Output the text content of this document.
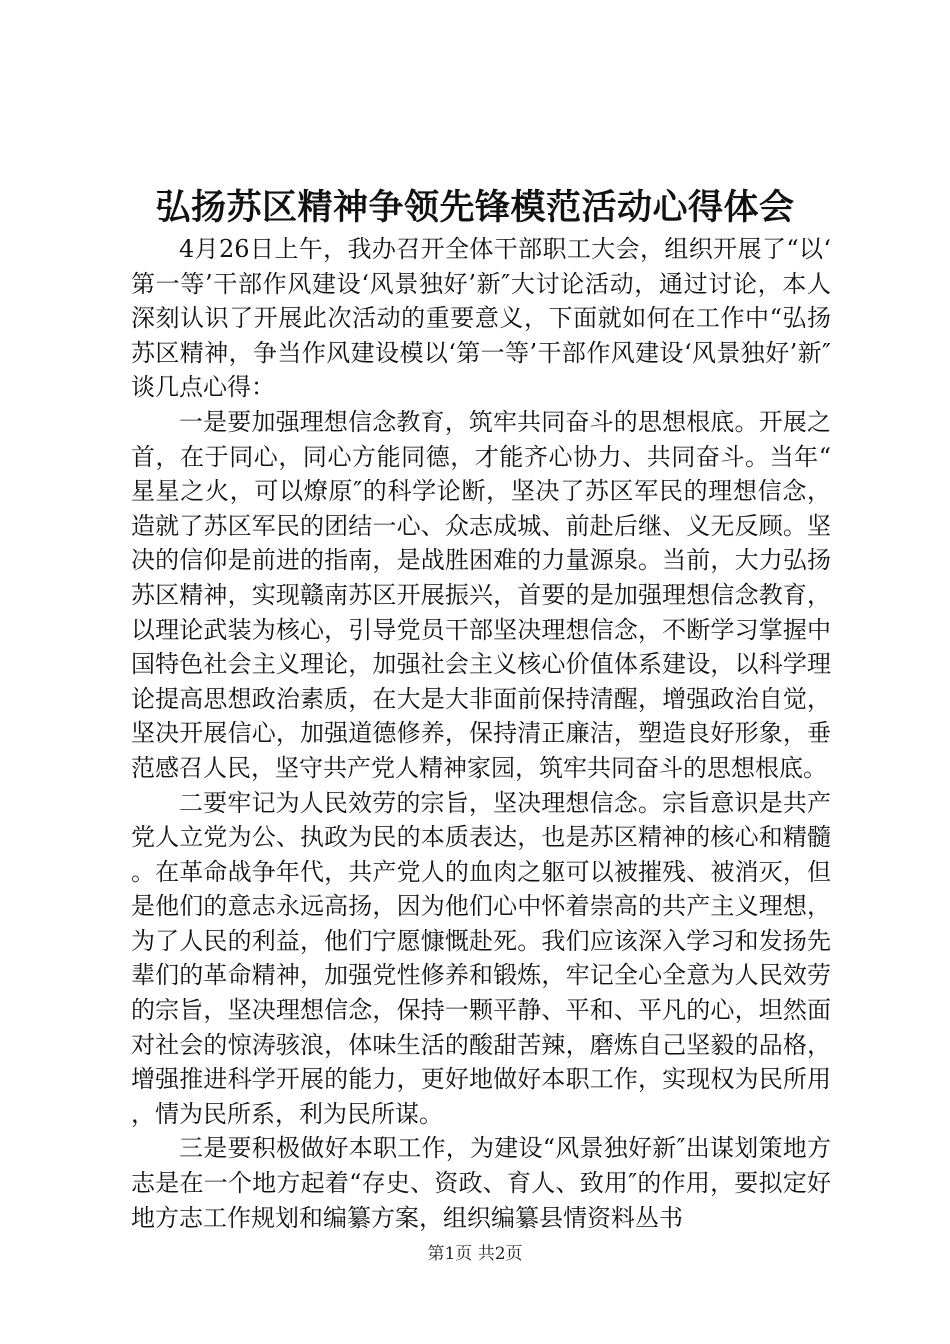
弘扬苏区精神争领先锋模范活动心得体会

4月26日上午，我办召开全体干部职工大会，组织开展了“以‘第一等’干部作风建设‘风景独好’新″大讨论活动，通过讨论，本人深刻认识了开展此次活动的重要意义，下面就如何在工作中“弘扬苏区精神，争当作风建设模以‘第一等’干部作风建设‘风景独好’新″谈几点心得：

一是要加强理想信念教育，筑牢共同奋斗的思想根底。开展之首，在于同心，同心方能同德，才能齐心协力、共同奋斗。当年“星星之火，可以燎原″的科学论断，坚决了苏区军民的理想信念，造就了苏区军民的团结一心、众志成城、前赴后继、义无反顾。坚决的信仰是前进的指南，是战胜困难的力量源泉。当前，大力弘扬苏区精神，实现赣南苏区开展振兴，首要的是加强理想信念教育，以理论武装为核心，引导党员干部坚决理想信念，不断学习掌握中国特色社会主义理论，加强社会主义核心价值体系建设，以科学理论提高思想政治素质，在大是大非面前保持清醒，增强政治自觉，坚决开展信心，加强道德修养，保持清正廉洁，塑造良好形象，垂范感召人民，坚守共产党人精神家园，筑牢共同奋斗的思想根底。

二要牢记为人民效劳的宗旨，坚决理想信念。宗旨意识是共产党人立党为公、执政为民的本质表达，也是苏区精神的核心和精髓。在革命战争年代，共产党人的血肉之躯可以被摧残、被消灭，但是他们的意志永远高扬，因为他们心中怀着崇高的共产主义理想，为了人民的利益，他们宁愿慷慨赴死。我们应该深入学习和发扬先辈们的革命精神，加强党性修养和锻炼，牢记全心全意为人民效劳的宗旨，坚决理想信念，保持一颗平静、平和、平凡的心，坦然面对社会的惊涛骇浪，体味生活的酸甜苦辣，磨炼自己坚毅的品格，增强推进科学开展的能力，更好地做好本职工作，实现权为民所用，情为民所系，利为民所谋。

三是要积极做好本职工作，为建设“风景独好新″出谋划策地方志是在一个地方起着“存史、资政、育人、致用″的作用，要拟定好地方志工作规划和编纂方案，组织编纂县情资料丛书

第1页 共2页
